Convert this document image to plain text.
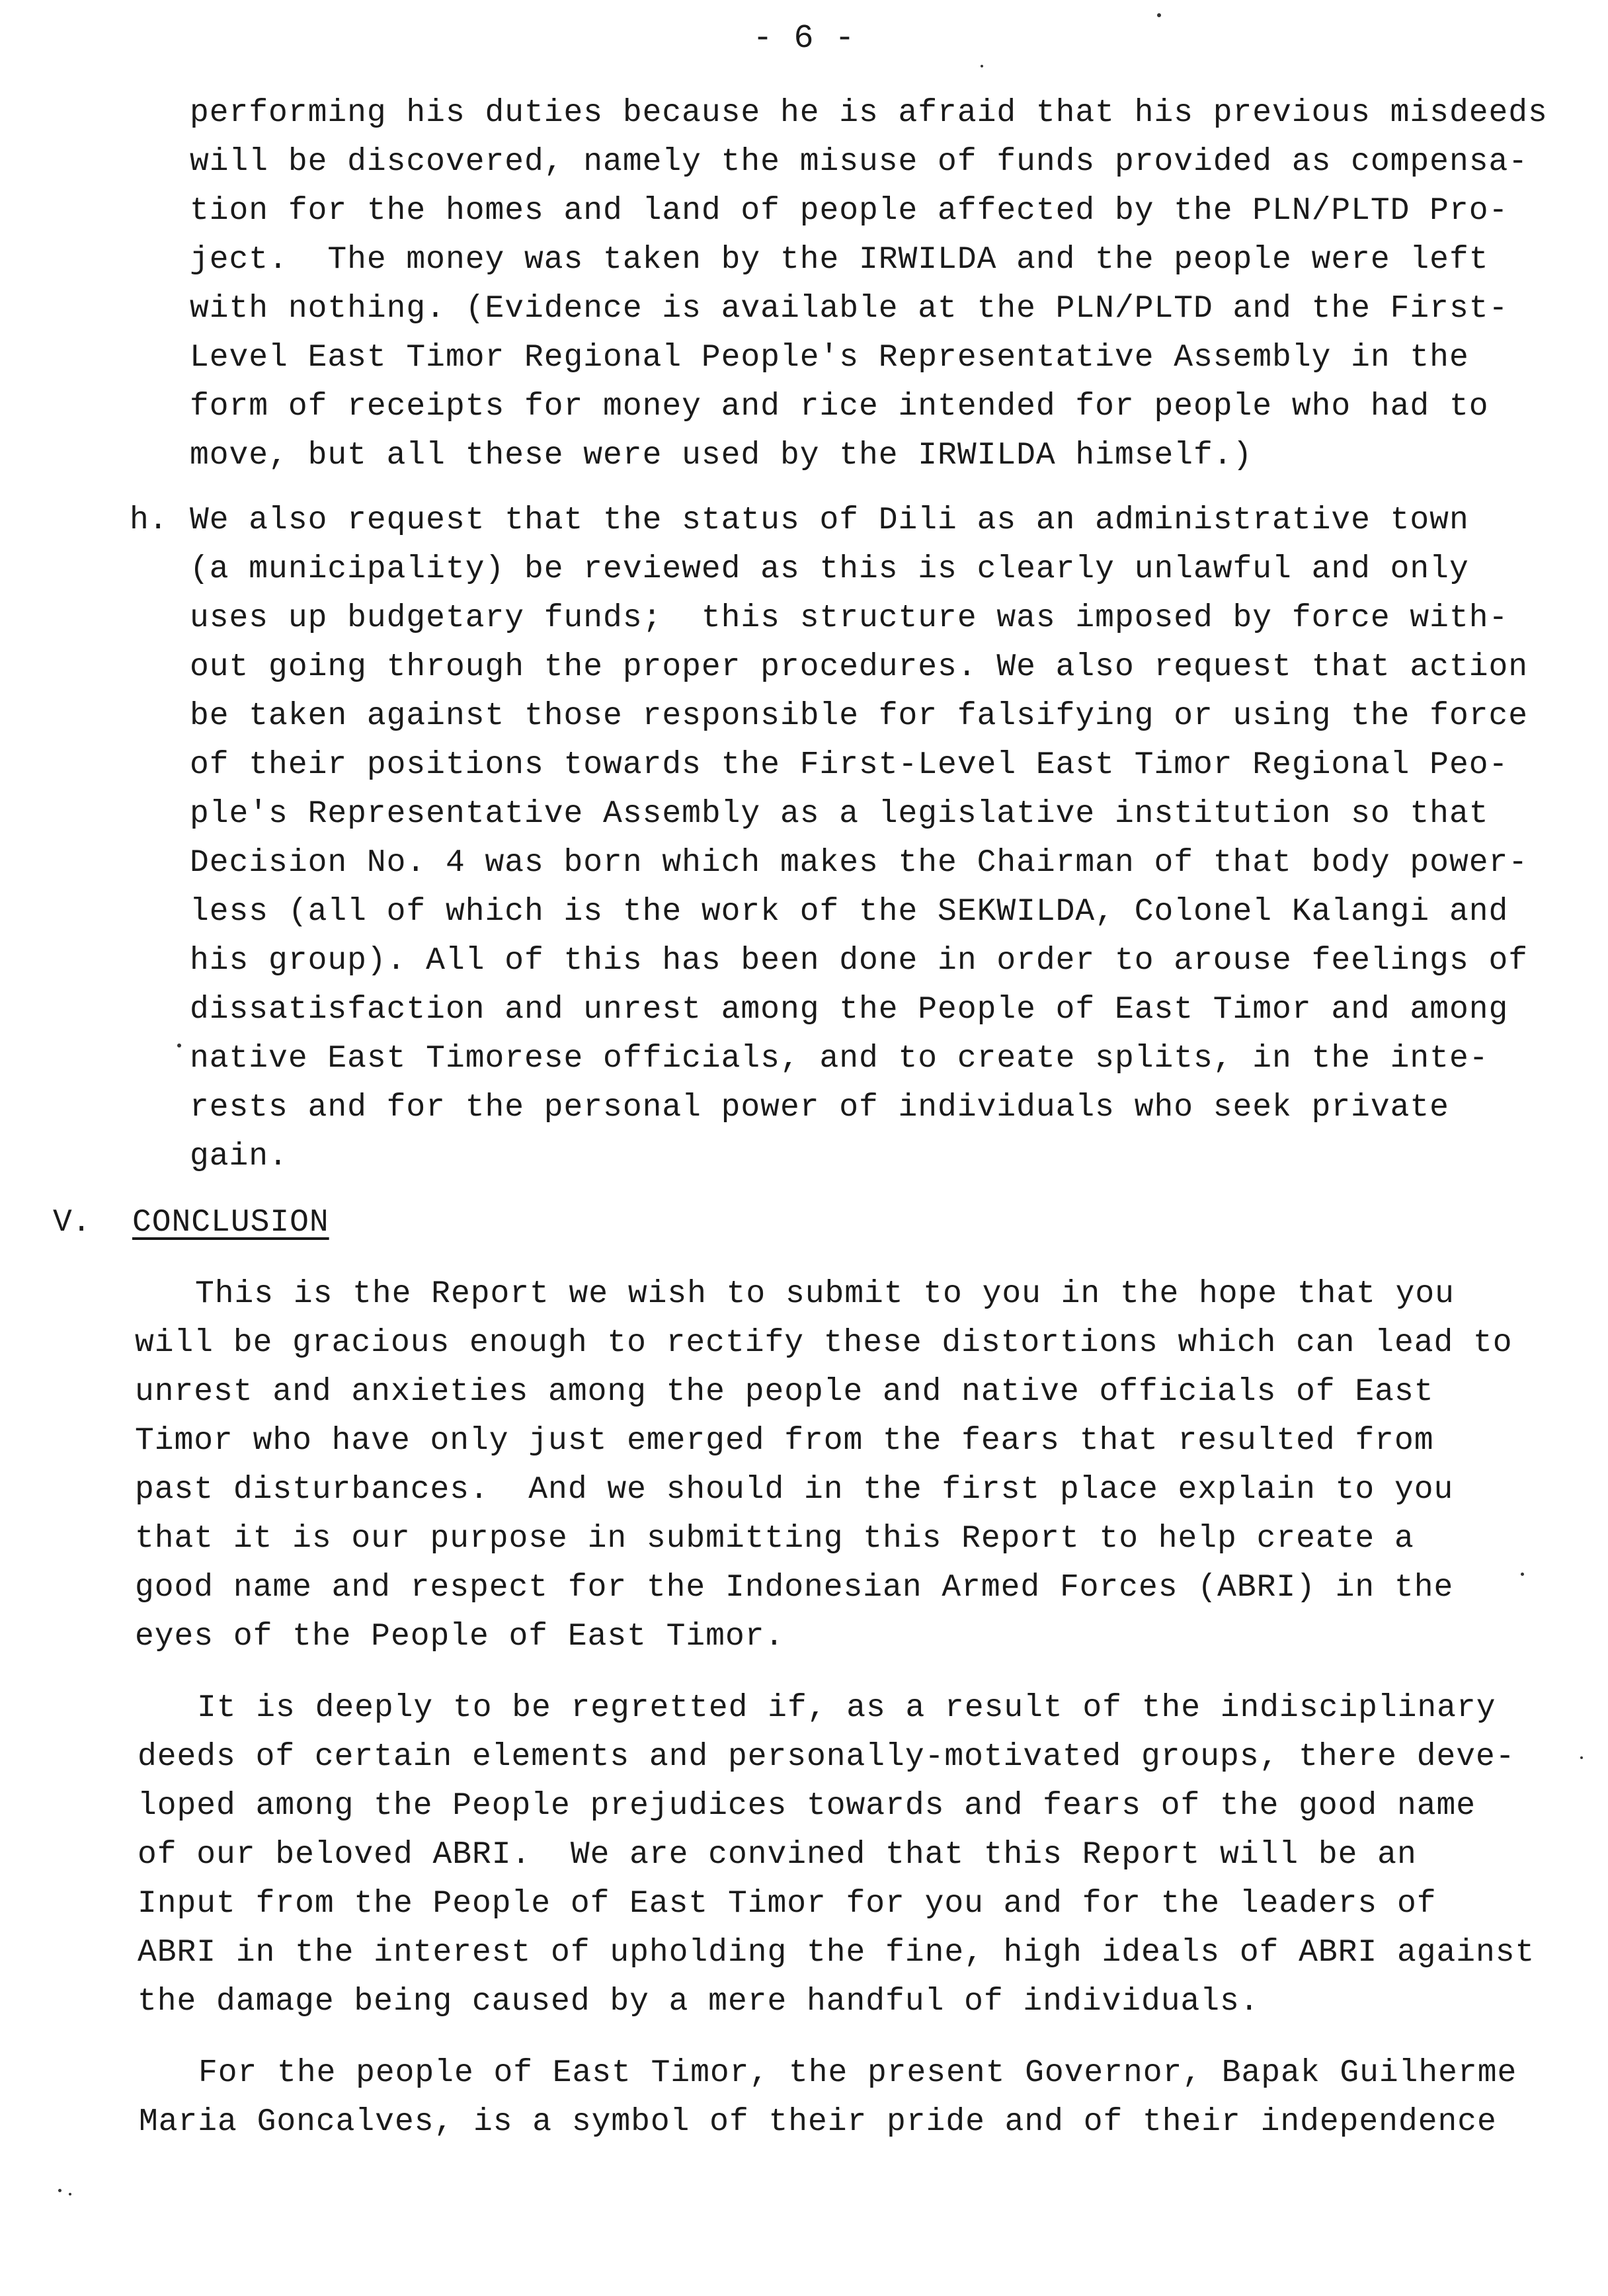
- 6 -
performing his duties because he is afraid that his previous misdeeds
will be discovered, namely the misuse of funds provided as compensa-
tion for the homes and land of people affected by the PLN/PLTD Pro-
ject.  The money was taken by the IRWILDA and the people were left
with nothing. (Evidence is available at the PLN/PLTD and the First-
Level East Timor Regional People's Representative Assembly in the
form of receipts for money and rice intended for people who had to
move, but all these were used by the IRWILDA himself.)
h. We also request that the status of Dili as an administrative town
(a municipality) be reviewed as this is clearly unlawful and only
uses up budgetary funds;  this structure was imposed by force with-
out going through the proper procedures. We also request that action
be taken against those responsible for falsifying or using the force
of their positions towards the First-Level East Timor Regional Peo-
ple's Representative Assembly as a legislative institution so that
Decision No. 4 was born which makes the Chairman of that body power-
less (all of which is the work of the SEKWILDA, Colonel Kalangi and
his group). All of this has been done in order to arouse feelings of
dissatisfaction and unrest among the People of East Timor and among
native East Timorese officials, and to create splits, in the inte-
rests and for the personal power of individuals who seek private
gain.
V. CONCLUSION
This is the Report we wish to submit to you in the hope that you
will be gracious enough to rectify these distortions which can lead to
unrest and anxieties among the people and native officials of East
Timor who have only just emerged from the fears that resulted from
past disturbances.  And we should in the first place explain to you
that it is our purpose in submitting this Report to help create a
good name and respect for the Indonesian Armed Forces (ABRI) in the
eyes of the People of East Timor.
It is deeply to be regretted if, as a result of the indisciplinary
deeds of certain elements and personally-motivated groups, there deve-
loped among the People prejudices towards and fears of the good name
of our beloved ABRI.  We are convined that this Report will be an
Input from the People of East Timor for you and for the leaders of
ABRI in the interest of upholding the fine, high ideals of ABRI against
the damage being caused by a mere handful of individuals.
For the people of East Timor, the present Governor, Bapak Guilherme
Maria Goncalves, is a symbol of their pride and of their independence
